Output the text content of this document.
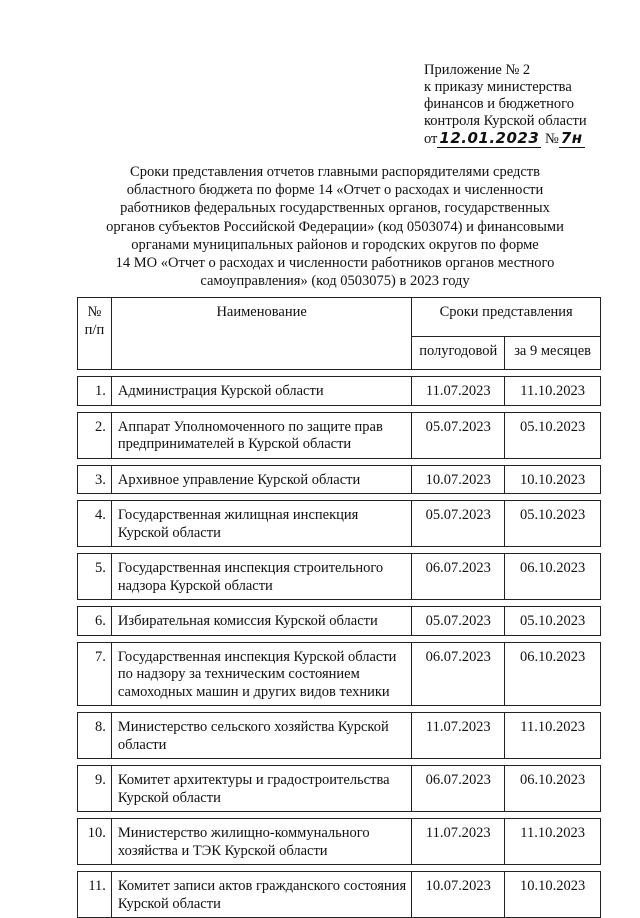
Приложение № 2
к приказу министерства
финансов и бюджетного
контроля Курской области
от 12.01.2023 № 7н
Сроки представления отчетов главными распорядителями средств
областного бюджета по форме 14 «Отчет о расходах и численности
работников федеральных государственных органов, государственных
органов субъектов Российской Федерации» (код 0503074) и финансовыми
органами муниципальных районов и городских округов по форме
14 МО «Отчет о расходах и численности работников органов местного
самоуправления» (код 0503075) в 2023 году
№ п/п	Наименование	Сроки представления	
		полугодовой	за 9 месяцев

1.	Администрация Курской области	11.07.2023	11.10.2023

2.	Аппарат Уполномоченного по защите прав предпринимателей в Курской области	05.07.2023	05.10.2023

3.	Архивное управление Курской области	10.07.2023	10.10.2023

4.	Государственная жилищная инспекция Курской области	05.07.2023	05.10.2023

5.	Государственная инспекция строительного надзора Курской области	06.07.2023	06.10.2023

6.	Избирательная комиссия Курской области	05.07.2023	05.10.2023

7.	Государственная инспекция Курской области по надзору за техническим состоянием самоходных машин и других видов техники	06.07.2023	06.10.2023

8.	Министерство сельского хозяйства Курской области	11.07.2023	11.10.2023

9.	Комитет архитектуры и градостроительства Курской области	06.07.2023	06.10.2023

10.	Министерство жилищно-коммунального хозяйства и ТЭК Курской области	11.07.2023	11.10.2023

11.	Комитет записи актов гражданского состояния Курской области	10.07.2023	10.10.2023
